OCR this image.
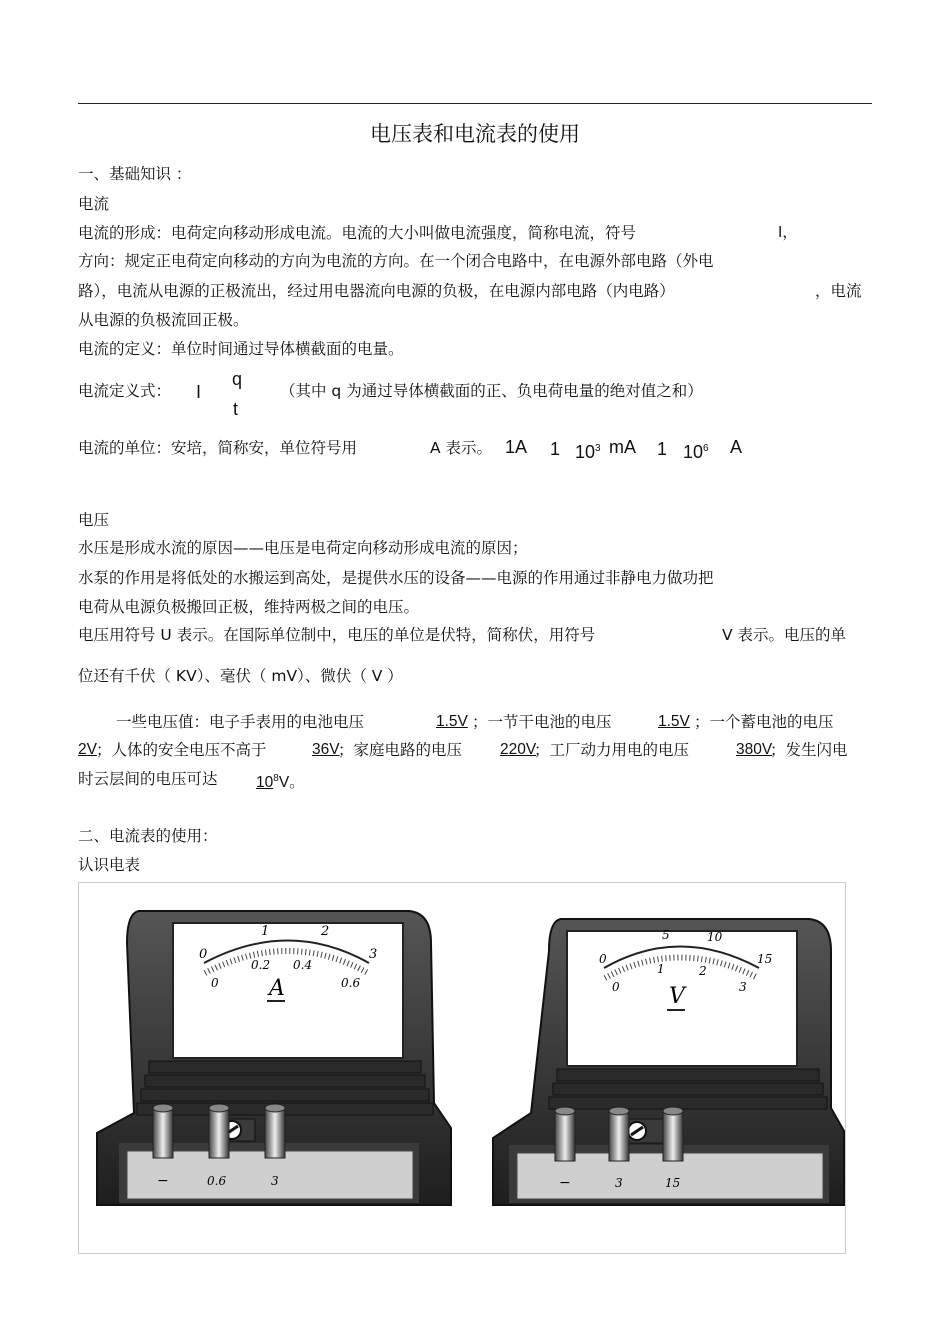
电压表和电流表的使用
一、基础知识 ：
电流
电流的形成：电荷定向移动形成电流。电流的大小叫做电流强度，简称电流，符号	I，
方向：规定正电荷定向移动的方向为电流的方向。在一个闭合电路中，在电源外部电路（外电
路），电流从电源的正极流出，经过用电器流向电源的负极，在电源内部电路（内电路）	，电流
从电源的负极流回正极。
电流的定义：单位时间通过导体横截面的电量。
电流定义式： I
q
t
（其中 q 为通过导体横截面的正、负电荷电量的绝对值之和）
电流的单位：安培，简称安，单位符号用	A 表示。 1A 1 $10^3$ mA 1 $10^6$ A
电压
水压是形成水流的原因——电压是电荷定向移动形成电流的原因；
水泵的作用是将低处的水搬运到高处，是提供水压的设备——电源的作用通过非静电力做功把
电荷从电源负极搬回正极，维持两极之间的电压。
电压用符号 U 表示。在国际单位制中，电压的单位是伏特，简称伏，用符号	V 表示。电压的单
位还有千伏（ KV）、毫伏（ mV）、微伏（ V ）
一些电压值：电子手表用的电池电压	1.5V ；一节干电池的电压	1.5V ；一个蓄电池的电压
2V ；人体的安全电压不高于	36V
；家庭电路的电压 220V
；工厂动力用电的电压	380V
；发生闪电
时云层间的电压可达 $10^8V$。
二、电流表的使用：
认识电表
0
1	2
3
0
0.2 0.4
0.6
A
−	0.6	3
0
5	10
15
0
1	2
3
V
−	3	15
